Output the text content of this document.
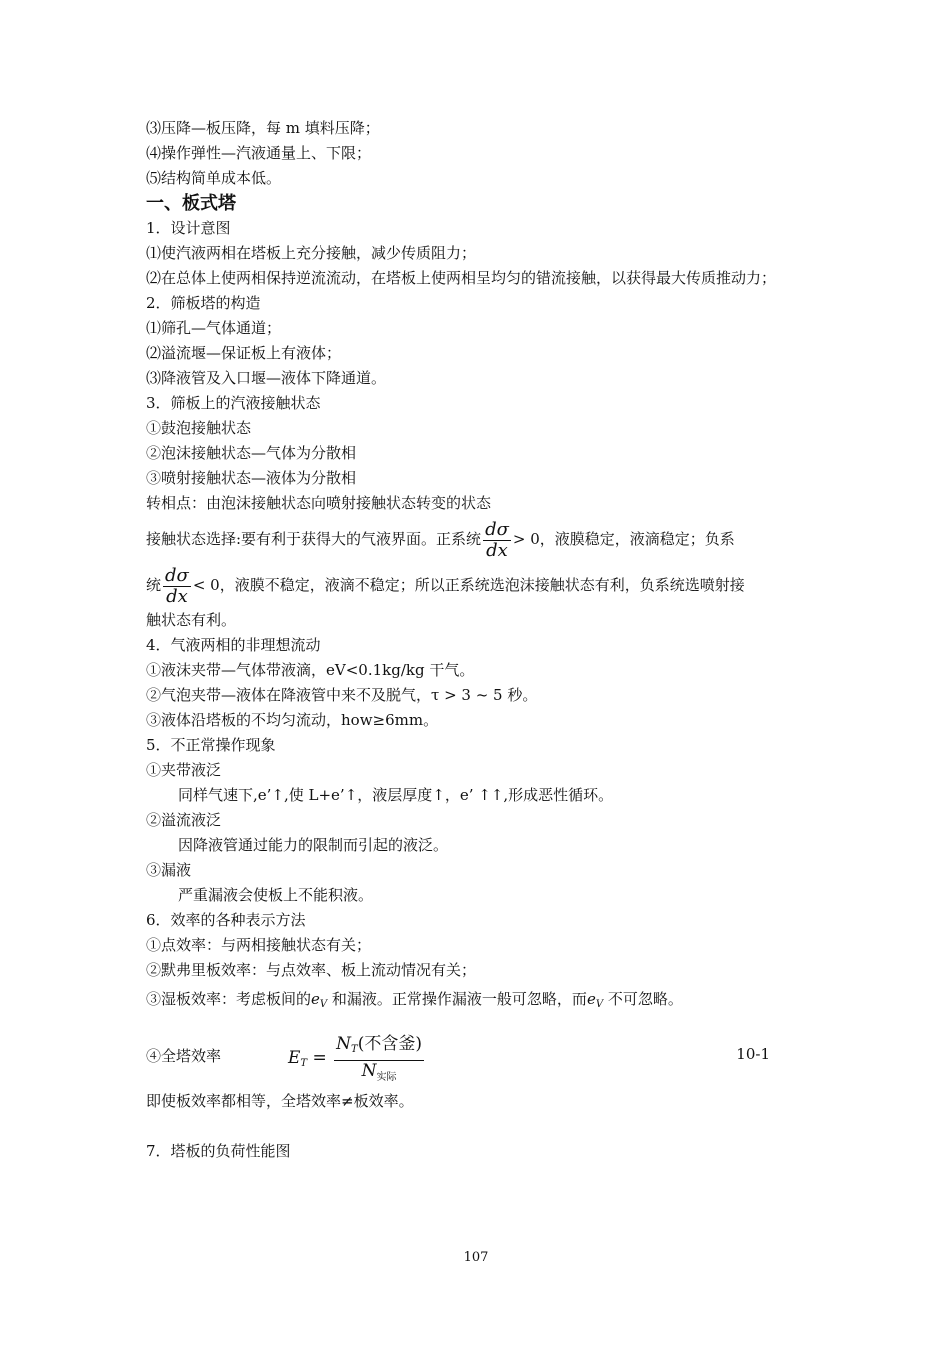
⑶压降—板压降，每 m 填料压降；
⑷操作弹性—汽液通量上、下限；
⑸结构简单成本低。
一、板式塔
1．设计意图
⑴使汽液两相在塔板上充分接触，减少传质阻力；
⑵在总体上使两相保持逆流流动，在塔板上使两相呈均匀的错流接触，以获得最大传质推动力；
2．筛板塔的构造
⑴筛孔—气体通道；
⑵溢流堰—保证板上有液体；
⑶降液管及入口堰—液体下降通道。
3．筛板上的汽液接触状态
①鼓泡接触状态
②泡沫接触状态—气体为分散相
③喷射接触状态—液体为分散相
转相点：由泡沫接触状态向喷射接触状态转变的状态
接触状态选择:要有利于获得大的气液界面。正系统 $\frac{d\sigma}{dx} > 0$，液膜稳定，液滴稳定；负系
统 $\frac{d\sigma}{dx} < 0$，液膜不稳定，液滴不稳定；所以正系统选泡沫接触状态有利，负系统选喷射接
触状态有利。
4．气液两相的非理想流动
①液沫夹带—气体带液滴，eV<0.1kg/kg 干气。
②气泡夹带—液体在降液管中来不及脱气，τ > 3 ~ 5 秒。
③液体沿塔板的不均匀流动，how≥6mm。
5．不正常操作现象
①夹带液泛
同样气速下,e’↑,使 L+e’↑，液层厚度↑，e’ ↑↑,形成恶性循环。
②溢流液泛
因降液管通过能力的限制而引起的液泛。
③漏液
严重漏液会使板上不能积液。
6．效率的各种表示方法
①点效率：与两相接触状态有关；
②默弗里板效率：与点效率、板上流动情况有关；
③湿板效率：考虑板间的$e_V$ 和漏液。正常操作漏液一般可忽略，而$e_V$ 不可忽略。
④全塔效率	$E_T = \frac{N_T(不含釜)}{N_{实际}}$	10-1
即使板效率都相等，全塔效率≠板效率。
7．塔板的负荷性能图
107
